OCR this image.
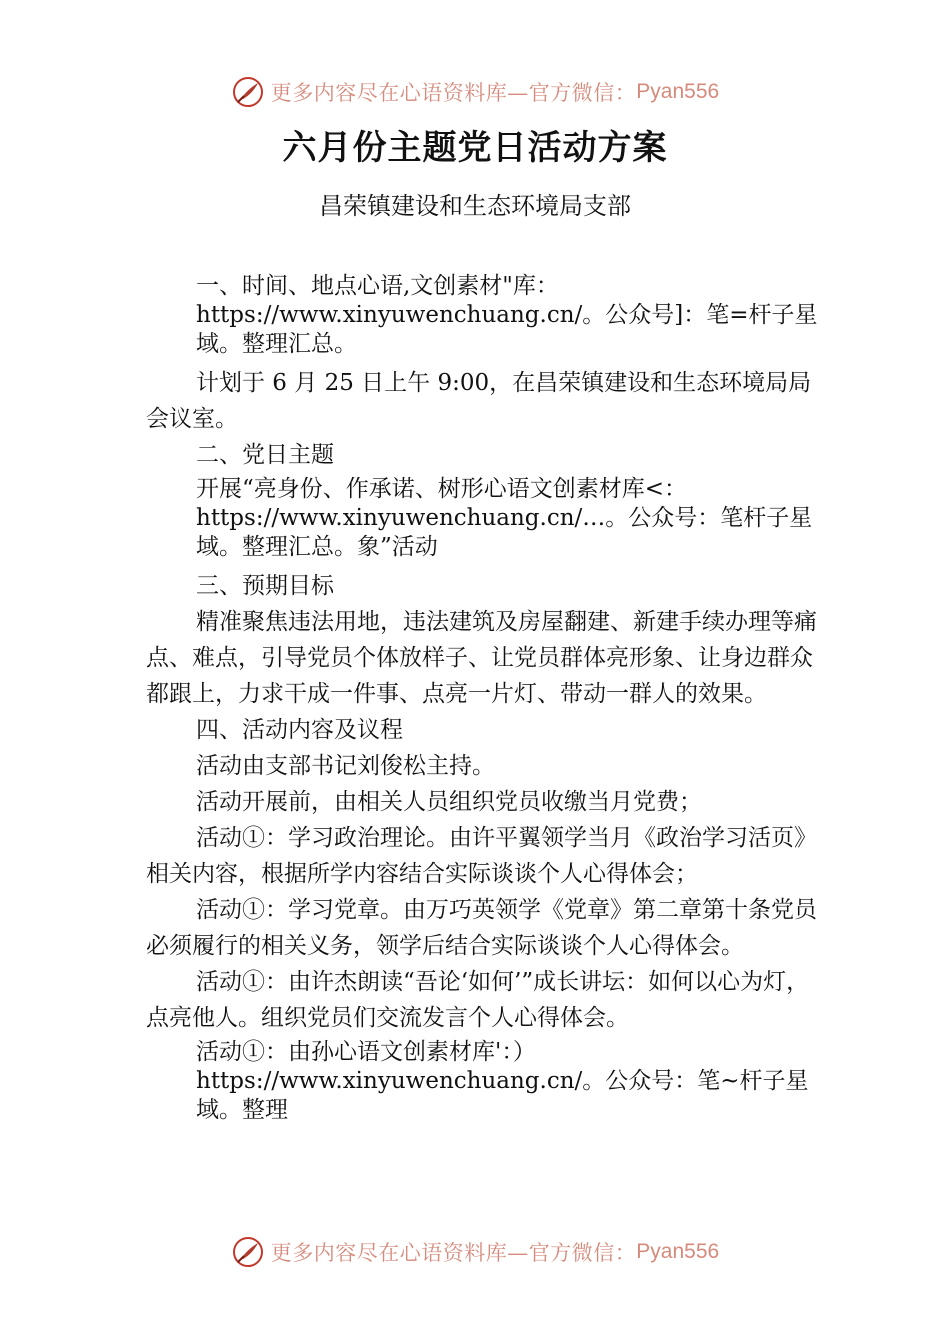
更多内容尽在心语资料库—官方微信： Pyan556
六月份主题党日活动方案
昌荣镇建设和生态环境局支部

一、时间、地点心语,文创素材"库：https://www.xinyuwenchuang.cn/。公众号]：笔=杆子星域。整理汇总。

计划于 6 月 25 日上午 9:00，在昌荣镇建设和生态环境局局会议室。

二、党日主题

开展“亮身份、作承诺、树形心语文创素材库<：https://www.xinyuwenchuang.cn/…。公众号：笔杆子星域。整理汇总。象”活动

三、预期目标

精准聚焦违法用地，违法建筑及房屋翻建、新建手续办理等痛点、难点，引导党员个体放样子、让党员群体亮形象、让身边群众都跟上，力求干成一件事、点亮一片灯、带动一群人的效果。

四、活动内容及议程

活动由支部书记刘俊松主持。

活动开展前，由相关人员组织党员收缴当月党费；

活动①：学习政治理论。由许平翼领学当月《政治学习活页》相关内容，根据所学内容结合实际谈谈个人心得体会；

活动①：学习党章。由万巧英领学《党章》第二章第十条党员必须履行的相关义务，领学后结合实际谈谈个人心得体会。

活动①：由许杰朗读“吾论‘如何’”成长讲坛：如何以心为灯，点亮他人。组织党员们交流发言个人心得体会。

活动①：由孙心语文创素材库'：）https://www.xinyuwenchuang.cn/。公众号：笔~杆子星域。整理

更多内容尽在心语资料库—官方微信： Pyan556
